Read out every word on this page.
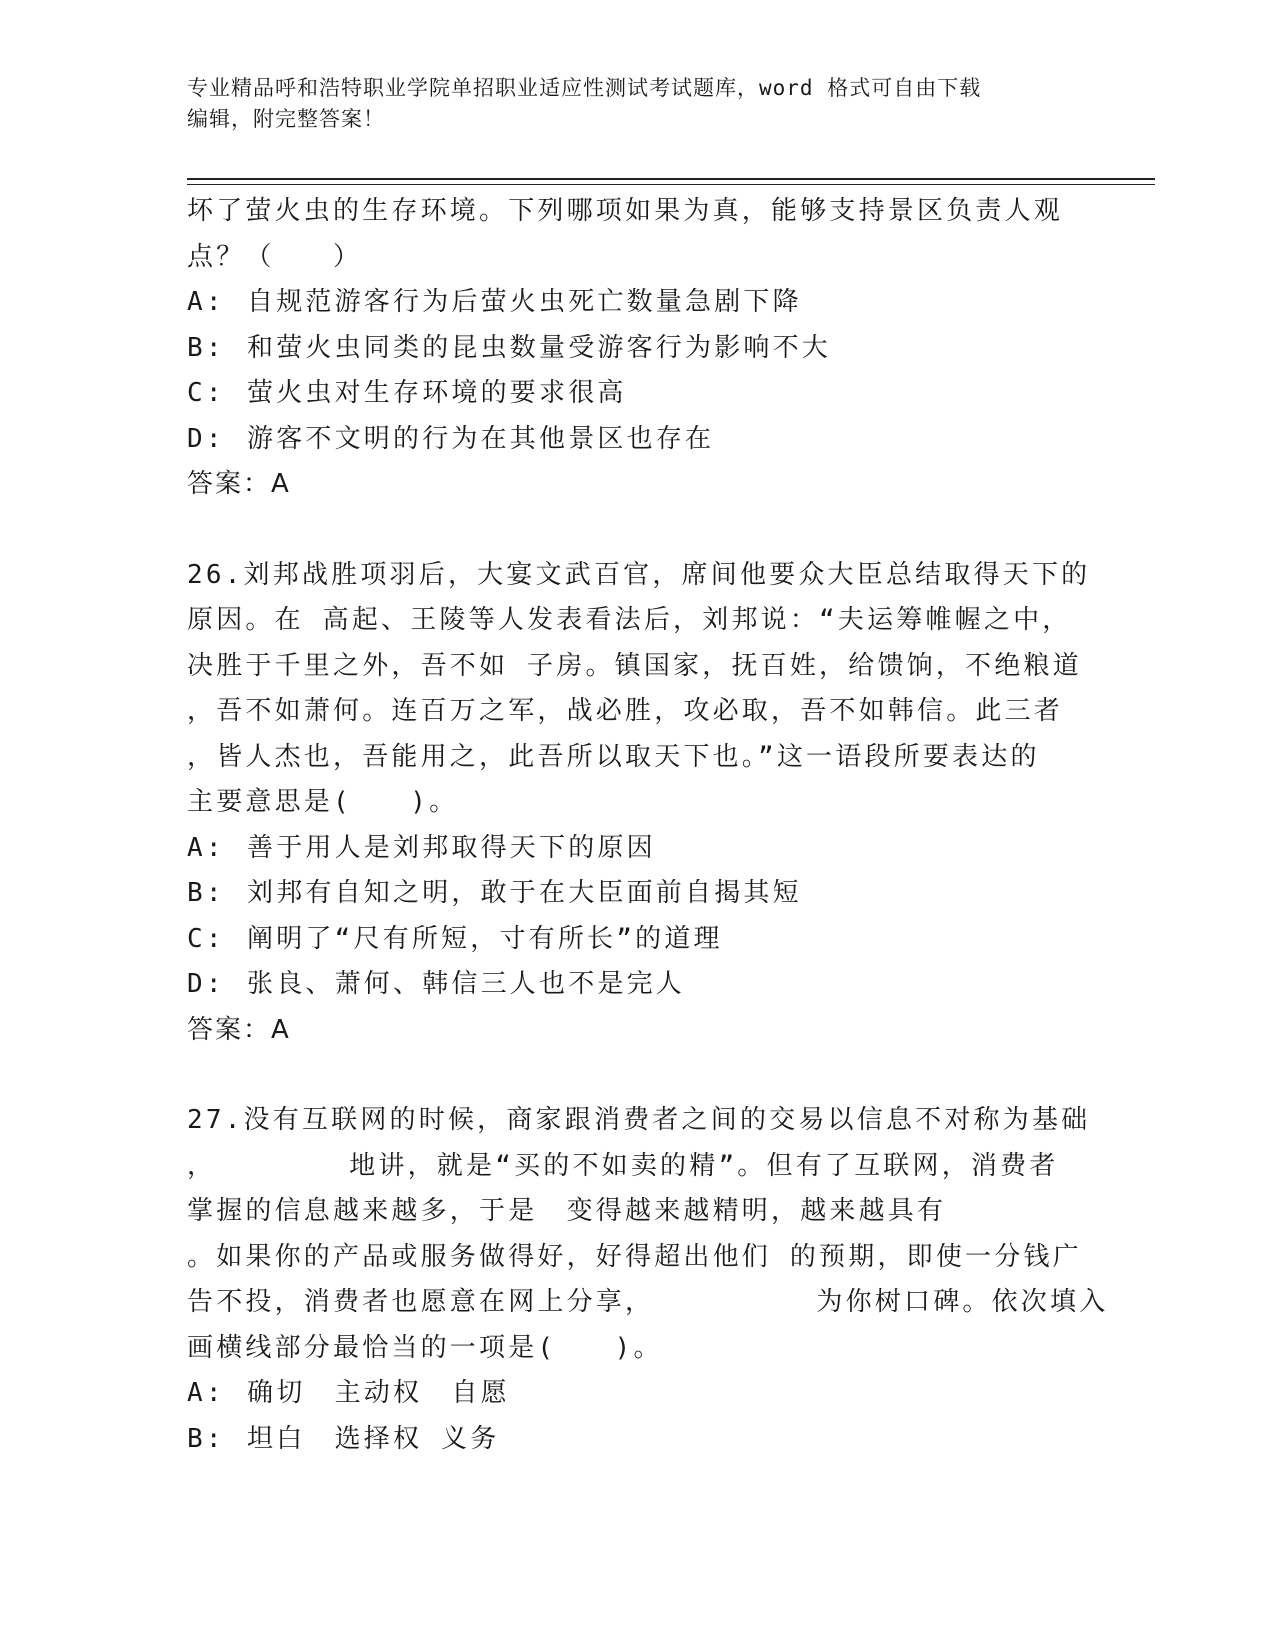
专业精品呼和浩特职业学院单招职业适应性测试考试题库，word 格式可自由下载
编辑，附完整答案！
坏了萤火虫的生存环境。下列哪项如果为真，能够支持景区负责人观
点？（　　）
A: 自规范游客行为后萤火虫死亡数量急剧下降
B: 和萤火虫同类的昆虫数量受游客行为影响不大
C: 萤火虫对生存环境的要求很高
D: 游客不文明的行为在其他景区也存在
答案：A
26.刘邦战胜项羽后，大宴文武百官，席间他要众大臣总结取得天下的
原因。在 高起、王陵等人发表看法后，刘邦说：“夫运筹帷幄之中，
决胜于千里之外，吾不如 子房。镇国家，抚百姓，给馈饷，不绝粮道
，吾不如萧何。连百万之军，战必胜，攻必取，吾不如韩信。此三者
，皆人杰也，吾能用之，此吾所以取天下也。”这一语段所要表达的
主要意思是(　　)。
A: 善于用人是刘邦取得天下的原因
B: 刘邦有自知之明，敢于在大臣面前自揭其短
C: 阐明了“尺有所短，寸有所长”的道理
D: 张良、萧何、韩信三人也不是完人
答案：A
27.没有互联网的时候，商家跟消费者之间的交易以信息不对称为基础
，　　　　　地讲，就是“买的不如卖的精”。但有了互联网，消费者
掌握的信息越来越多，于是　变得越来越精明，越来越具有
。如果你的产品或服务做得好，好得超出他们 的预期，即使一分钱广
告不投，消费者也愿意在网上分享，　　　　　　为你树口碑。依次填入
画横线部分最恰当的一项是(　　)。
A: 确切　主动权　自愿
B: 坦白　选择权 义务
